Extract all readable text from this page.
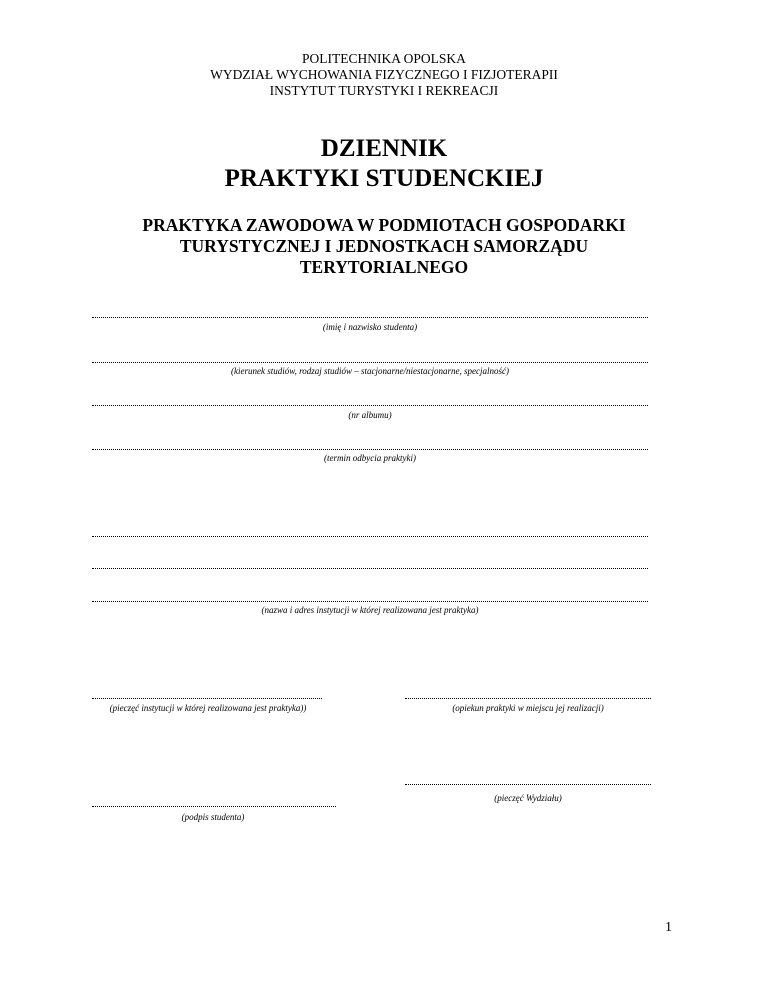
POLITECHNIKA OPOLSKA
WYDZIAŁ WYCHOWANIA FIZYCZNEGO I FIZJOTERAPII
INSTYTUT TURYSTYKI I REKREACJI
DZIENNIK
PRAKTYKI STUDENCKIEJ
PRAKTYKA ZAWODOWA W PODMIOTACH GOSPODARKI
TURYSTYCZNEJ I JEDNOSTKACH SAMORZĄDU
TERYTORIALNEGO
(imię i nazwisko studenta)
(kierunek studiów, rodzaj studiów – stacjonarne/niestacjonarne, specjalność)
(nr albumu)
(termin odbycia praktyki)
(nazwa i adres instytucji w której realizowana jest praktyka)
(pieczęć instytucji w której realizowana jest praktyka))	(opiekun praktyki w miejscu jej realizacji)
(pieczęć Wydziału)
(podpis studenta)
1
